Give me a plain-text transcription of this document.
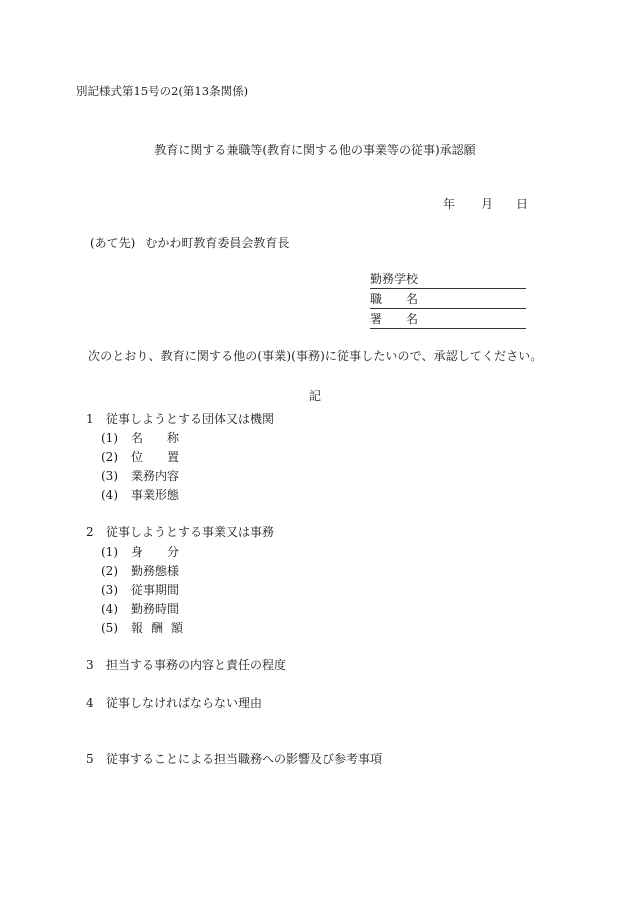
別記様式第15号の2(第13条関係)
教育に関する兼職等(教育に関する他の事業等の従事)承認願
年 月 日
(あて先) むかわ町教育委員会教育長
勤務学校
職　　名
署　　名
次のとおり、教育に関する他の(事業)(事務)に従事したいので、承認してください。
記
1 従事しようとする団体又は機関
(1) 名称
(2) 位置
(3) 業務内容
(4) 事業形態
2 従事しようとする事業又は事務
(1) 身分
(2) 勤務態様
(3) 従事期間
(4) 勤務時間
(5) 報酬額
3 担当する事務の内容と責任の程度
4 従事しなければならない理由
5 従事することによる担当職務への影響及び参考事項
